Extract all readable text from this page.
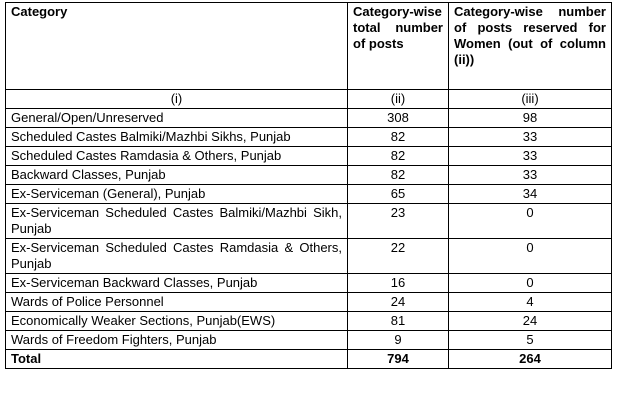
Category	Category-wise total number of posts	Category-wise number of posts reserved for Women (out of column (ii))
(i)	(ii)	(iii)
General/Open/Unreserved	308	98
Scheduled Castes Balmiki/Mazhbi Sikhs, Punjab	82	33
Scheduled Castes Ramdasia & Others, Punjab	82	33
Backward Classes, Punjab	82	33
Ex-Serviceman (General), Punjab	65	34
Ex-Serviceman Scheduled Castes Balmiki/Mazhbi Sikh, Punjab	23	0
Ex-Serviceman Scheduled Castes Ramdasia & Others, Punjab	22	0
Ex-Serviceman Backward Classes, Punjab	16	0
Wards of Police Personnel	24	4
Economically Weaker Sections, Punjab(EWS)	81	24
Wards of Freedom Fighters, Punjab	9	5
Total	794	264
